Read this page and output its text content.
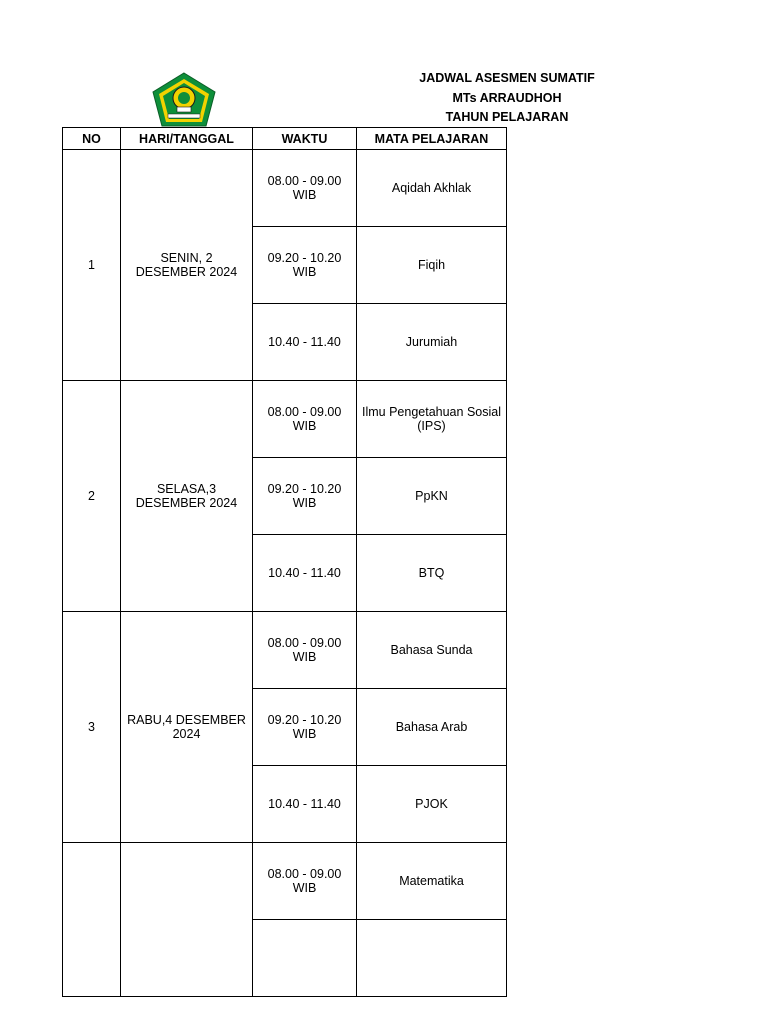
JADWAL ASESMEN SUMATIF
MTs ARRAUDHOH
TAHUN PELAJARAN
NO	HARI/TANGGAL	WAKTU	MATA PELAJARAN
1	SENIN, 2 DESEMBER 2024	08.00 - 09.00 WIB	Aqidah Akhlak
		09.20 - 10.20 WIB	Fiqih
		10.40 - 11.40	Jurumiah
2	SELASA,3 DESEMBER 2024	08.00 - 09.00 WIB	Ilmu Pengetahuan Sosial (IPS)
		09.20 - 10.20 WIB	PpKN
		10.40 - 11.40	BTQ
3	RABU,4 DESEMBER 2024	08.00 - 09.00 WIB	Bahasa Sunda
		09.20 - 10.20 WIB	Bahasa Arab
		10.40 - 11.40	PJOK
		08.00 - 09.00 WIB	Matematika
